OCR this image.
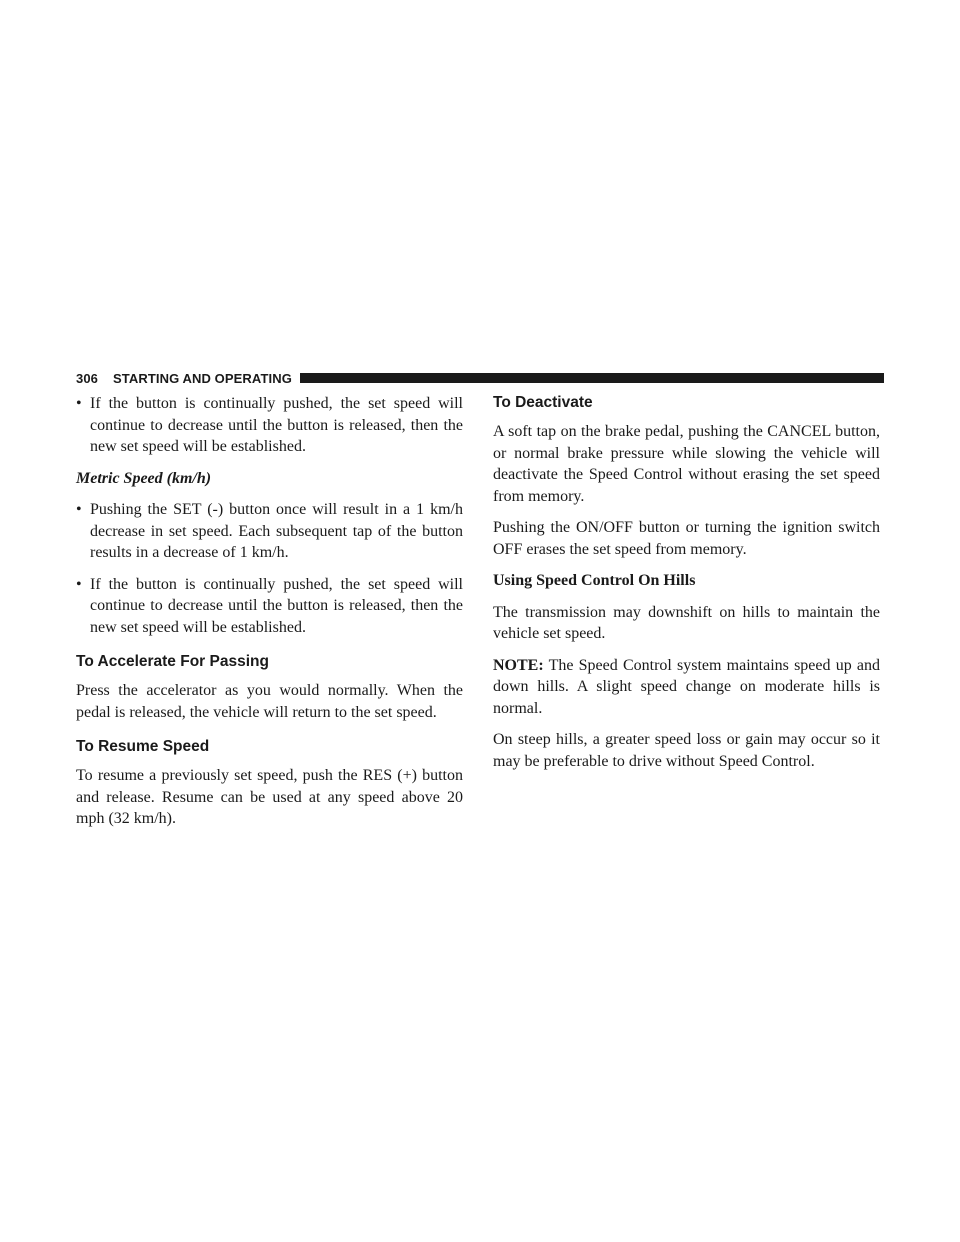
306	STARTING AND OPERATING
• If the button is continually pushed, the set speed will continue to decrease until the button is released, then the new set speed will be established.
Metric Speed (km/h)
• Pushing the SET (-) button once will result in a 1 km/h decrease in set speed. Each subsequent tap of the button results in a decrease of 1 km/h.
• If the button is continually pushed, the set speed will continue to decrease until the button is released, then the new set speed will be established.
To Accelerate For Passing

Press the accelerator as you would normally. When the pedal is released, the vehicle will return to the set speed.

To Resume Speed

To resume a previously set speed, push the RES (+) button and release. Resume can be used at any speed above 20 mph (32 km/h).

To Deactivate

A soft tap on the brake pedal, pushing the CANCEL button, or normal brake pressure while slowing the vehicle will deactivate the Speed Control without erasing the set speed from memory.

Pushing the ON/OFF button or turning the ignition switch OFF erases the set speed from memory.

Using Speed Control On Hills

The transmission may downshift on hills to maintain the vehicle set speed.

NOTE: The Speed Control system maintains speed up and down hills. A slight speed change on moderate hills is normal.

On steep hills, a greater speed loss or gain may occur so it may be preferable to drive without Speed Control.
